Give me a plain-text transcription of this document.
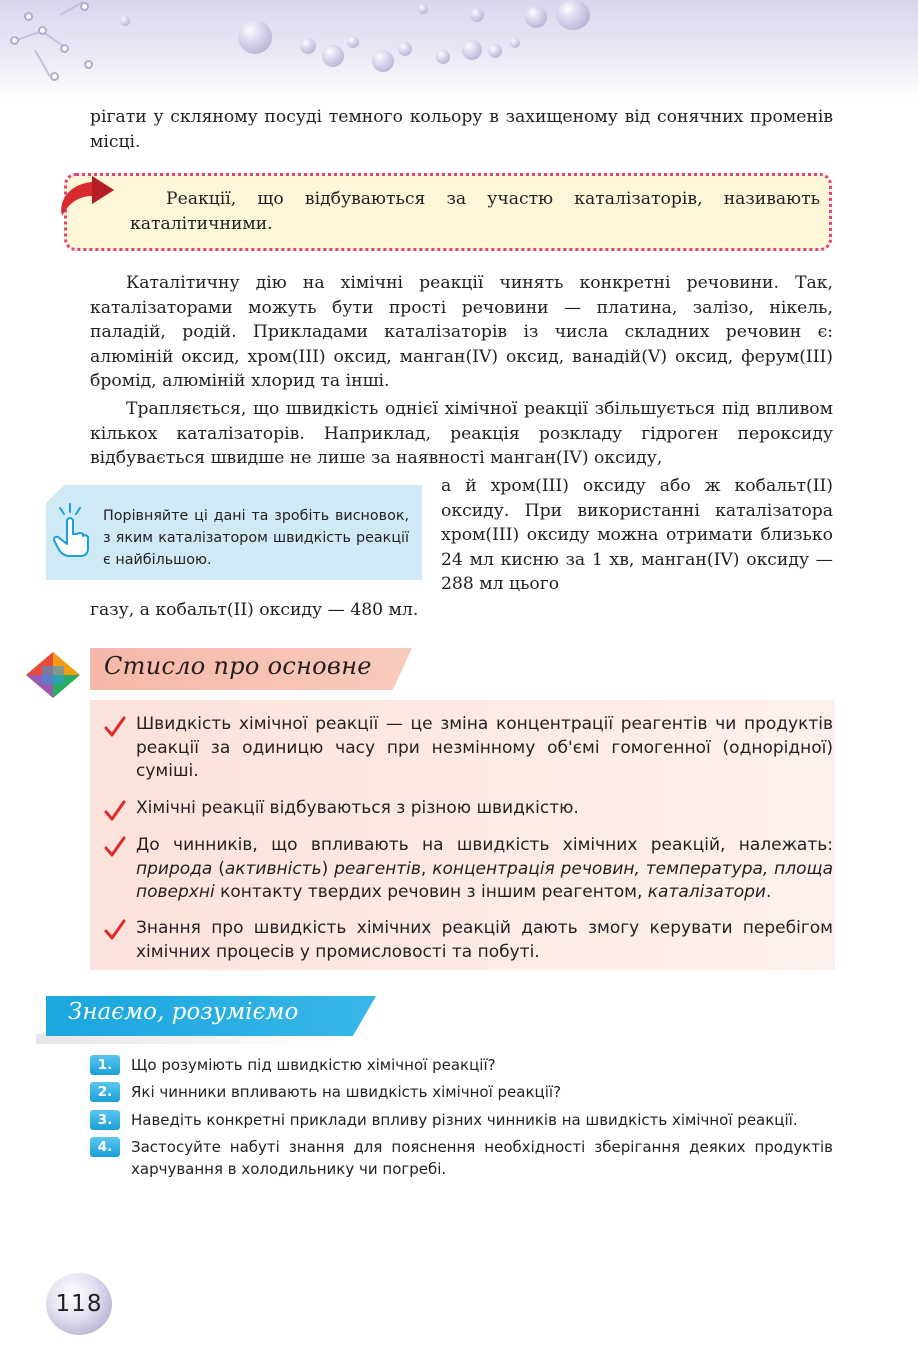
рігати у скляному посуді темного кольору в захищеному від сонячних променів місці.

Реакції, що відбуваються за участю каталізаторів, називають каталітичними.

Каталітичну дію на хімічні реакції чинять конкретні речовини. Так, каталізаторами можуть бути прості речовини — платина, залізо, нікель, паладій, родій. Прикладами каталізаторів із числа складних речовин є: алюміній оксид, хром(III) оксид, манган(IV) оксид, ванадій(V) оксид, ферум(III) бромід, алюміній хлорид та інші.

Трапляється, що швидкість однієї хімічної реакції збільшується під впливом кількох каталізаторів. Наприклад, реакція розкладу гідроген пероксиду відбувається швидше не лише за наявності манган(IV) оксиду,

Порівняйте ці дані та зробіть висновок, з яким каталізатором швидкість реакції є найбільшою.

а й хром(III) оксиду або ж кобальт(II) оксиду. При використанні каталізатора хром(III) оксиду можна отримати близько 24 мл кисню за 1 хв, манган(IV) оксиду — 288 мл цього

газу, а кобальт(II) оксиду — 480 мл.

Стисло про основне

Швидкість хімічної реакції — це зміна концентрації реагентів чи продуктів реакції за одиницю часу при незмінному об'ємі гомогенної (однорідної) суміші.

Хімічні реакції відбуваються з різною швидкістю.

До чинників, що впливають на швидкість хімічних реакцій, належать: природа (активність) реагентів, концентрація речовин, температура, площа поверхні контакту твердих речовин з іншим реагентом, каталізатори.

Знання про швидкість хімічних реакцій дають змогу керувати перебігом хімічних процесів у промисловості та побуті.

Знаємо, розуміємо

1.	Що розуміють під швидкістю хімічної реакції?

2.	Які чинники впливають на швидкість хімічної реакції?

3.	Наведіть конкретні приклади впливу різних чинників на швидкість хімічної реакції.

4.	Застосуйте набуті знання для пояснення необхідності зберігання деяких продуктів харчування в холодильнику чи погребі.

118
